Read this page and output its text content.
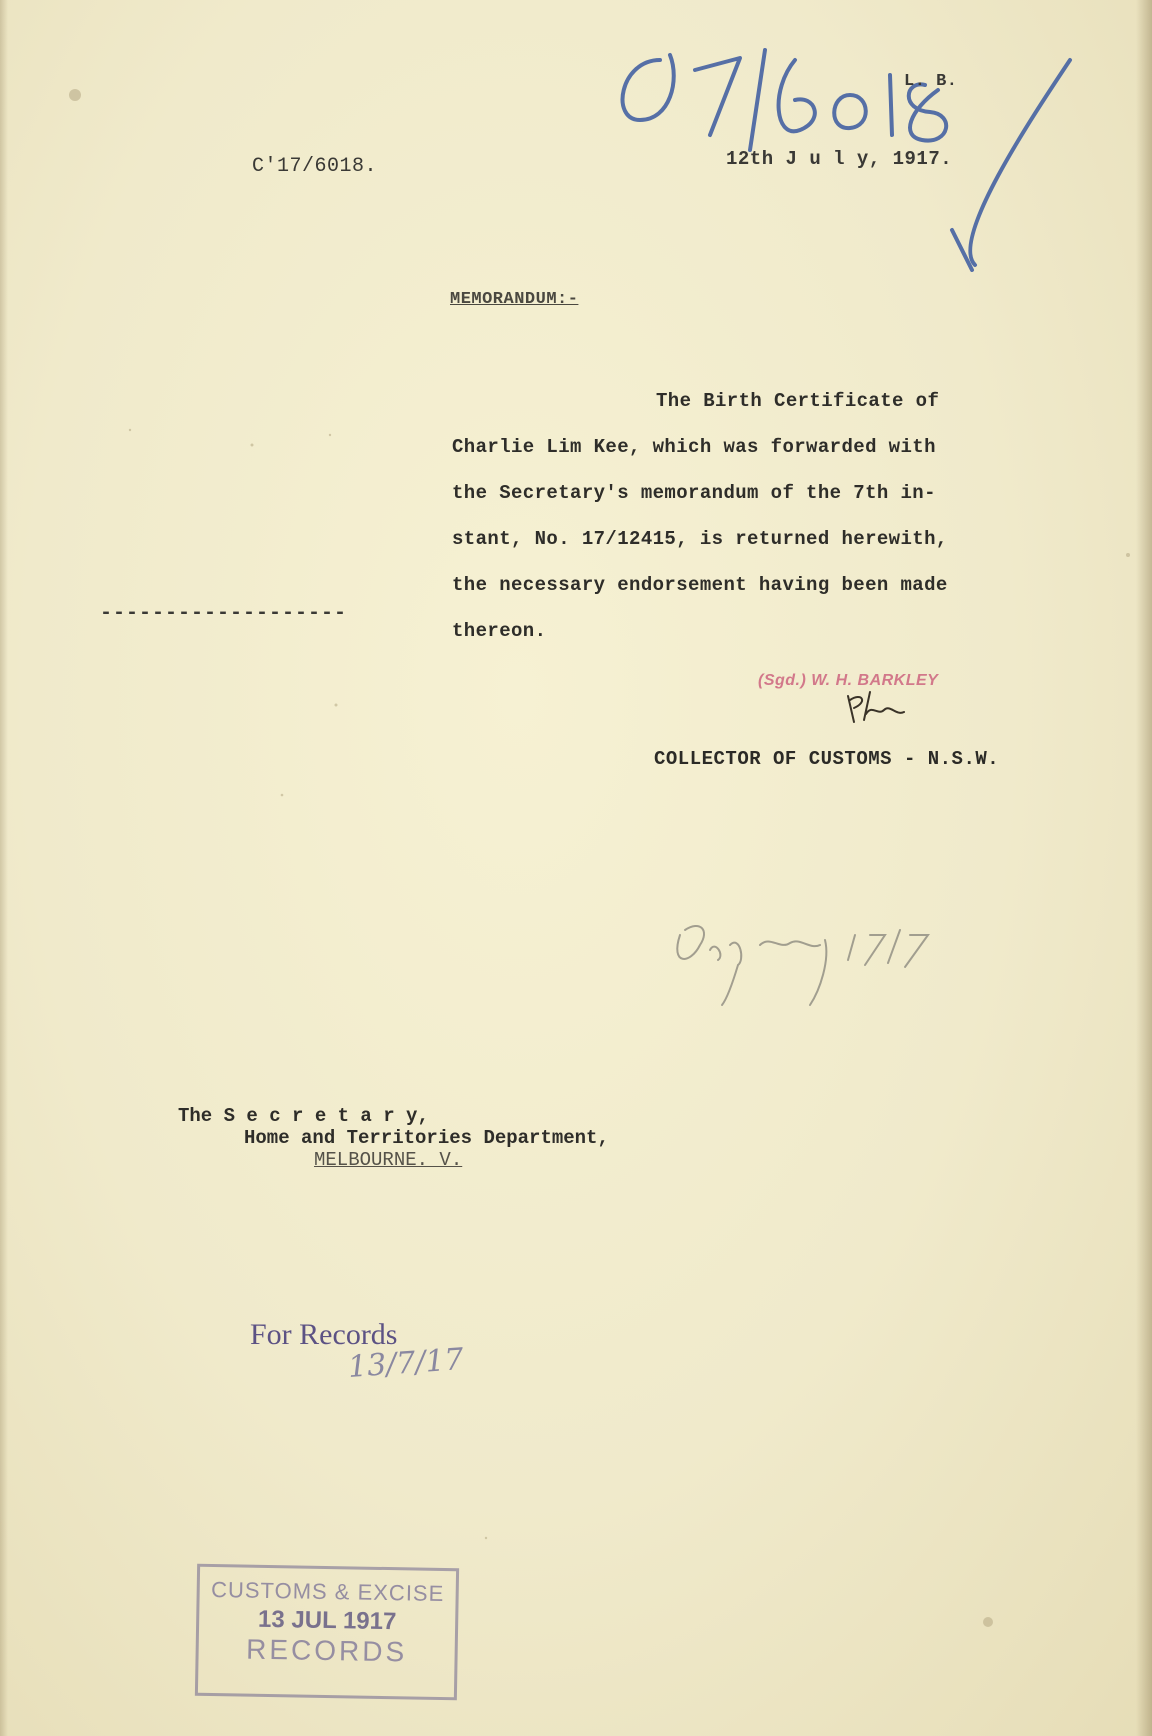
L. B.
C'17/6018.	12th J u l y, 1917.
MEMORANDUM:-
The Birth Certificate of
Charlie Lim Kee, which was forwarded with
the Secretary's memorandum of the 7th in-
stant, No. 17/12415, is returned herewith,
the necessary endorsement having been made
thereon.
-------------------
(Sgd.) W. H. BARKLEY
COLLECTOR OF CUSTOMS - N.S.W.
The S e c r e t a r y,
Home and Territories Department,
MELBOURNE. V.
For Records
13/7/17
CUSTOMS & EXCISE
13 JUL 1917
RECORDS
